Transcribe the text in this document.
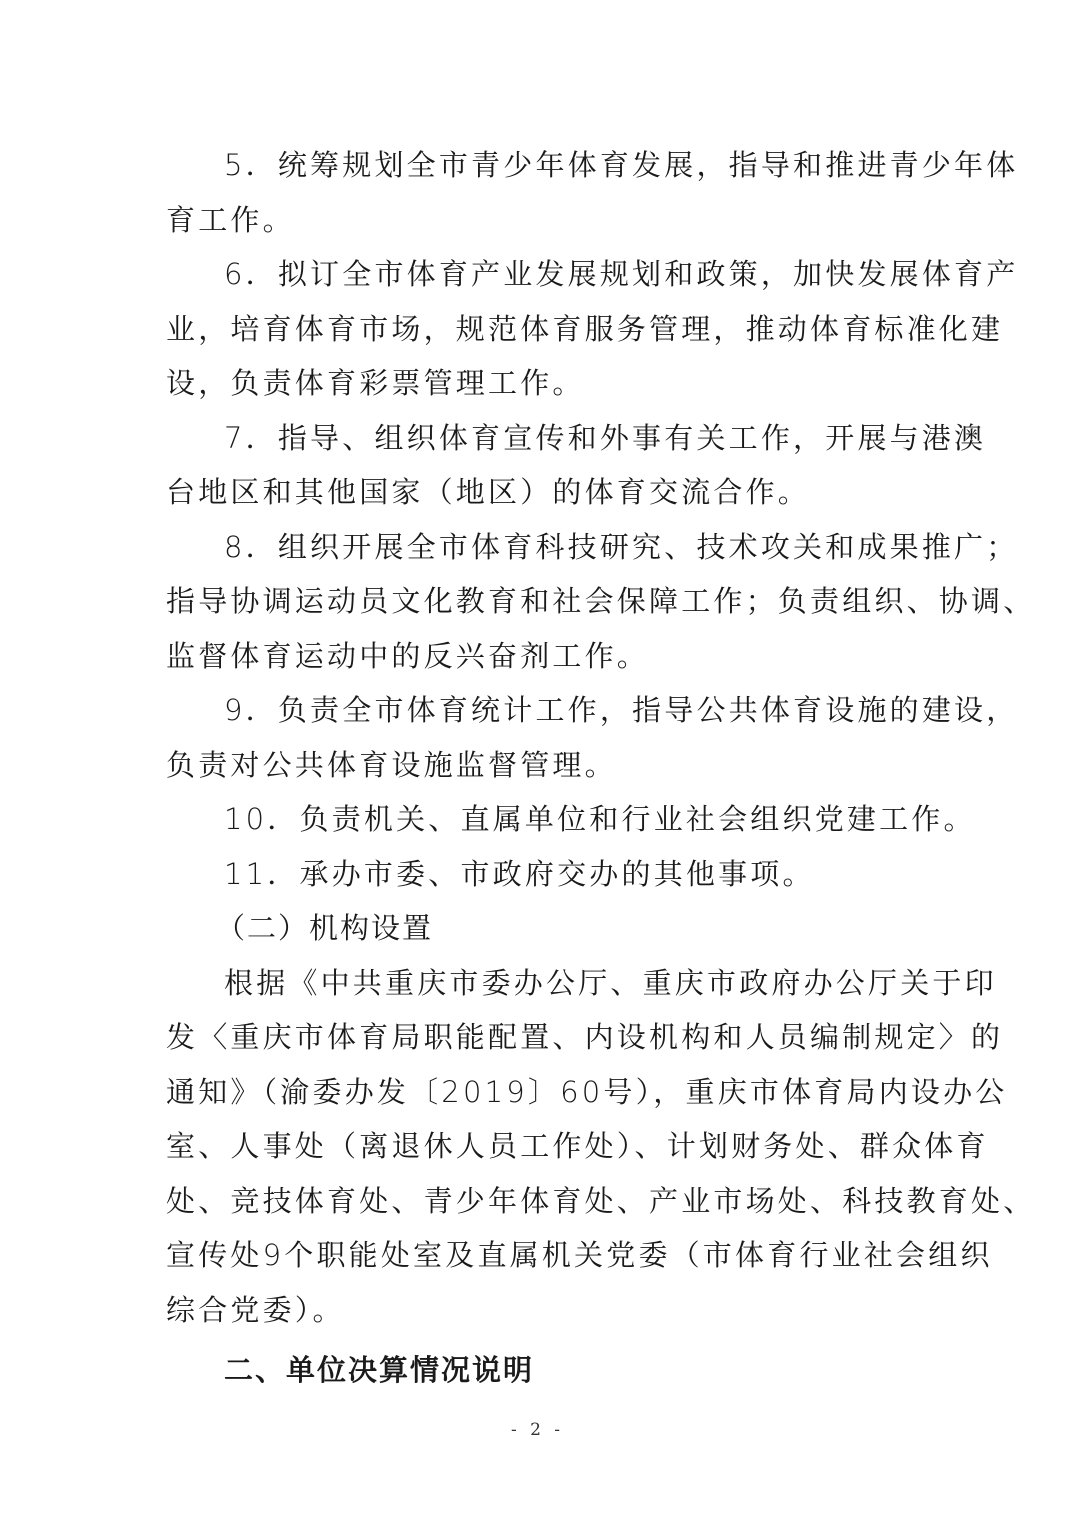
5．统筹规划全市青少年体育发展，指导和推进青少年体
育工作。
6．拟订全市体育产业发展规划和政策，加快发展体育产
业，培育体育市场，规范体育服务管理，推动体育标准化建
设，负责体育彩票管理工作。
7．指导、组织体育宣传和外事有关工作，开展与港澳
台地区和其他国家（地区）的体育交流合作。
8．组织开展全市体育科技研究、技术攻关和成果推广；
指导协调运动员文化教育和社会保障工作；负责组织、协调、
监督体育运动中的反兴奋剂工作。
9．负责全市体育统计工作，指导公共体育设施的建设，
负责对公共体育设施监督管理。
10．负责机关、直属单位和行业社会组织党建工作。
11．承办市委、市政府交办的其他事项。
（二）机构设置
根据《中共重庆市委办公厅、重庆市政府办公厅关于印
发〈重庆市体育局职能配置、内设机构和人员编制规定〉的
通知》（渝委办发〔2019〕60号），重庆市体育局内设办公
室、人事处（离退休人员工作处）、计划财务处、群众体育
处、竞技体育处、青少年体育处、产业市场处、科技教育处、
宣传处9个职能处室及直属机关党委（市体育行业社会组织
综合党委）。
二、单位决算情况说明
- 2 -
